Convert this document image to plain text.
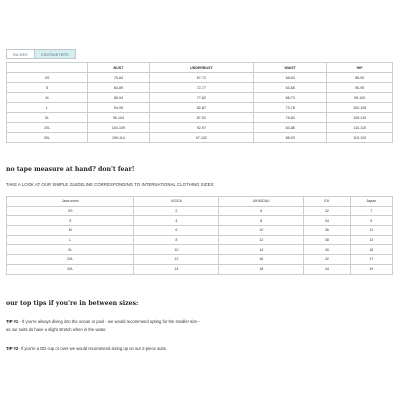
INCHES	CENTIMETERS
	BUST	UNDERBUST	WAIST	HIP
XS	79-84	67-72	58-63	85-90
S	84-89	72-77	63-68	90-95
M	89-94	77-82	68-73	95-100
L	94-99	82-87	73-78	100-105
XL	99-104	87-92	78-83	105-110
2XL	104-109	92-97	83-88	110-115
3XL	109-114	97-102	88-93	115-120
no tape measure at hand? don't fear!

TAKE A LOOK AT OUR SIMPLE GUIDELINE CORRESPONDING TO INTERNATIONAL CLOTHING SIZES:

Java swim	US/CA	UK/NZ/AU	EU	Japan
XS	2	6	32	7
S	4	8	34	9
M	6	10	36	11
L	8	12	38	13
XL	10	14	40	15
2XL	12	16	42	17
3XL	14	18	44	19
our top tips if you're in between sizes:
TIP #1 - If you're always diving into the ocean or pool - we would recommend opting for the smaller size -
as our suits do have a slight stretch when in the water.
TIP #2- If you're a DD cup or over we would recommend sizing up on our 2-piece suits.
